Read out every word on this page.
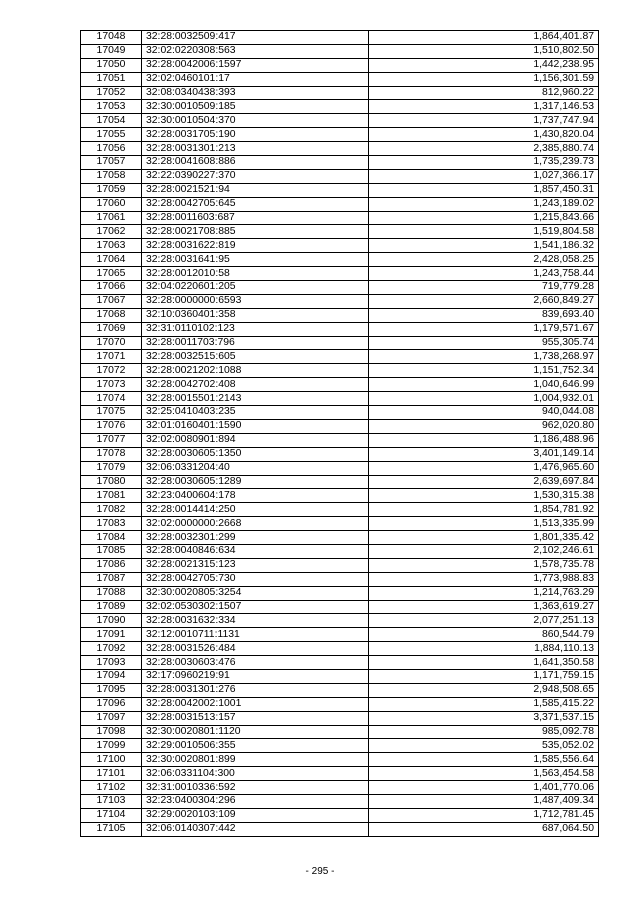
17048	32:28:0032509:417	1,864,401.87
17049	32:02:0220308:563	1,510,802.50
17050	32:28:0042006:1597	1,442,238.95
17051	32:02:0460101:17	1,156,301.59
17052	32:08:0340438:393	812,960.22
17053	32:30:0010509:185	1,317,146.53
17054	32:30:0010504:370	1,737,747.94
17055	32:28:0031705:190	1,430,820.04
17056	32:28:0031301:213	2,385,880.74
17057	32:28:0041608:886	1,735,239.73
17058	32:22:0390227:370	1,027,366.17
17059	32:28:0021521:94	1,857,450.31
17060	32:28:0042705:645	1,243,189.02
17061	32:28:0011603:687	1,215,843.66
17062	32:28:0021708:885	1,519,804.58
17063	32:28:0031622:819	1,541,186.32
17064	32:28:0031641:95	2,428,058.25
17065	32:28:0012010:58	1,243,758.44
17066	32:04:0220601:205	719,779.28
17067	32:28:0000000:6593	2,660,849.27
17068	32:10:0360401:358	839,693.40
17069	32:31:0110102:123	1,179,571.67
17070	32:28:0011703:796	955,305.74
17071	32:28:0032515:605	1,738,268.97
17072	32:28:0021202:1088	1,151,752.34
17073	32:28:0042702:408	1,040,646.99
17074	32:28:0015501:2143	1,004,932.01
17075	32:25:0410403:235	940,044.08
17076	32:01:0160401:1590	962,020.80
17077	32:02:0080901:894	1,186,488.96
17078	32:28:0030605:1350	3,401,149.14
17079	32:06:0331204:40	1,476,965.60
17080	32:28:0030605:1289	2,639,697.84
17081	32:23:0400604:178	1,530,315.38
17082	32:28:0014414:250	1,854,781.92
17083	32:02:0000000:2668	1,513,335.99
17084	32:28:0032301:299	1,801,335.42
17085	32:28:0040846:634	2,102,246.61
17086	32:28:0021315:123	1,578,735.78
17087	32:28:0042705:730	1,773,988.83
17088	32:30:0020805:3254	1,214,763.29
17089	32:02:0530302:1507	1,363,619.27
17090	32:28:0031632:334	2,077,251.13
17091	32:12:0010711:1131	860,544.79
17092	32:28:0031526:484	1,884,110.13
17093	32:28:0030603:476	1,641,350.58
17094	32:17:0960219:91	1,171,759.15
17095	32:28:0031301:276	2,948,508.65
17096	32:28:0042002:1001	1,585,415.22
17097	32:28:0031513:157	3,371,537.15
17098	32:30:0020801:1120	985,092.78
17099	32:29:0010506:355	535,052.02
17100	32:30:0020801:899	1,585,556.64
17101	32:06:0331104:300	1,563,454.58
17102	32:31:0010336:592	1,401,770.06
17103	32:23:0400304:296	1,487,409.34
17104	32:29:0020103:109	1,712,781.45
17105	32:06:0140307:442	687,064.50
- 295 -
